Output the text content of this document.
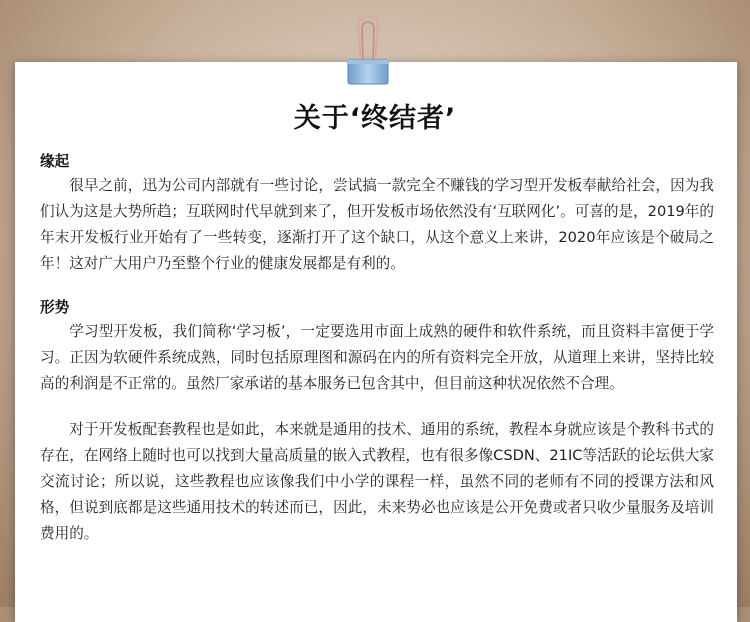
关于‘终结者’
缘起

很早之前，迅为公司内部就有一些讨论，尝试搞一款完全不赚钱的学习型开发板奉献给社会，因为我们认为这是大势所趋；互联网时代早就到来了，但开发板市场依然没有‘互联网化’。可喜的是，2019年的年末开发板行业开始有了一些转变，逐渐打开了这个缺口，从这个意义上来讲，2020年应该是个破局之年！这对广大用户乃至整个行业的健康发展都是有利的。

形势

学习型开发板，我们简称‘学习板’，一定要选用市面上成熟的硬件和软件系统，而且资料丰富便于学习。正因为软硬件系统成熟，同时包括原理图和源码在内的所有资料完全开放，从道理上来讲，坚持比较高的利润是不正常的。虽然厂家承诺的基本服务已包含其中，但目前这种状况依然不合理。

对于开发板配套教程也是如此，本来就是通用的技术、通用的系统，教程本身就应该是个教科书式的存在，在网络上随时也可以找到大量高质量的嵌入式教程，也有很多像CSDN、21IC等活跃的论坛供大家交流讨论；所以说，这些教程也应该像我们中小学的课程一样，虽然不同的老师有不同的授课方法和风格，但说到底都是这些通用技术的转述而已，因此，未来势必也应该是公开免费或者只收少量服务及培训费用的。
